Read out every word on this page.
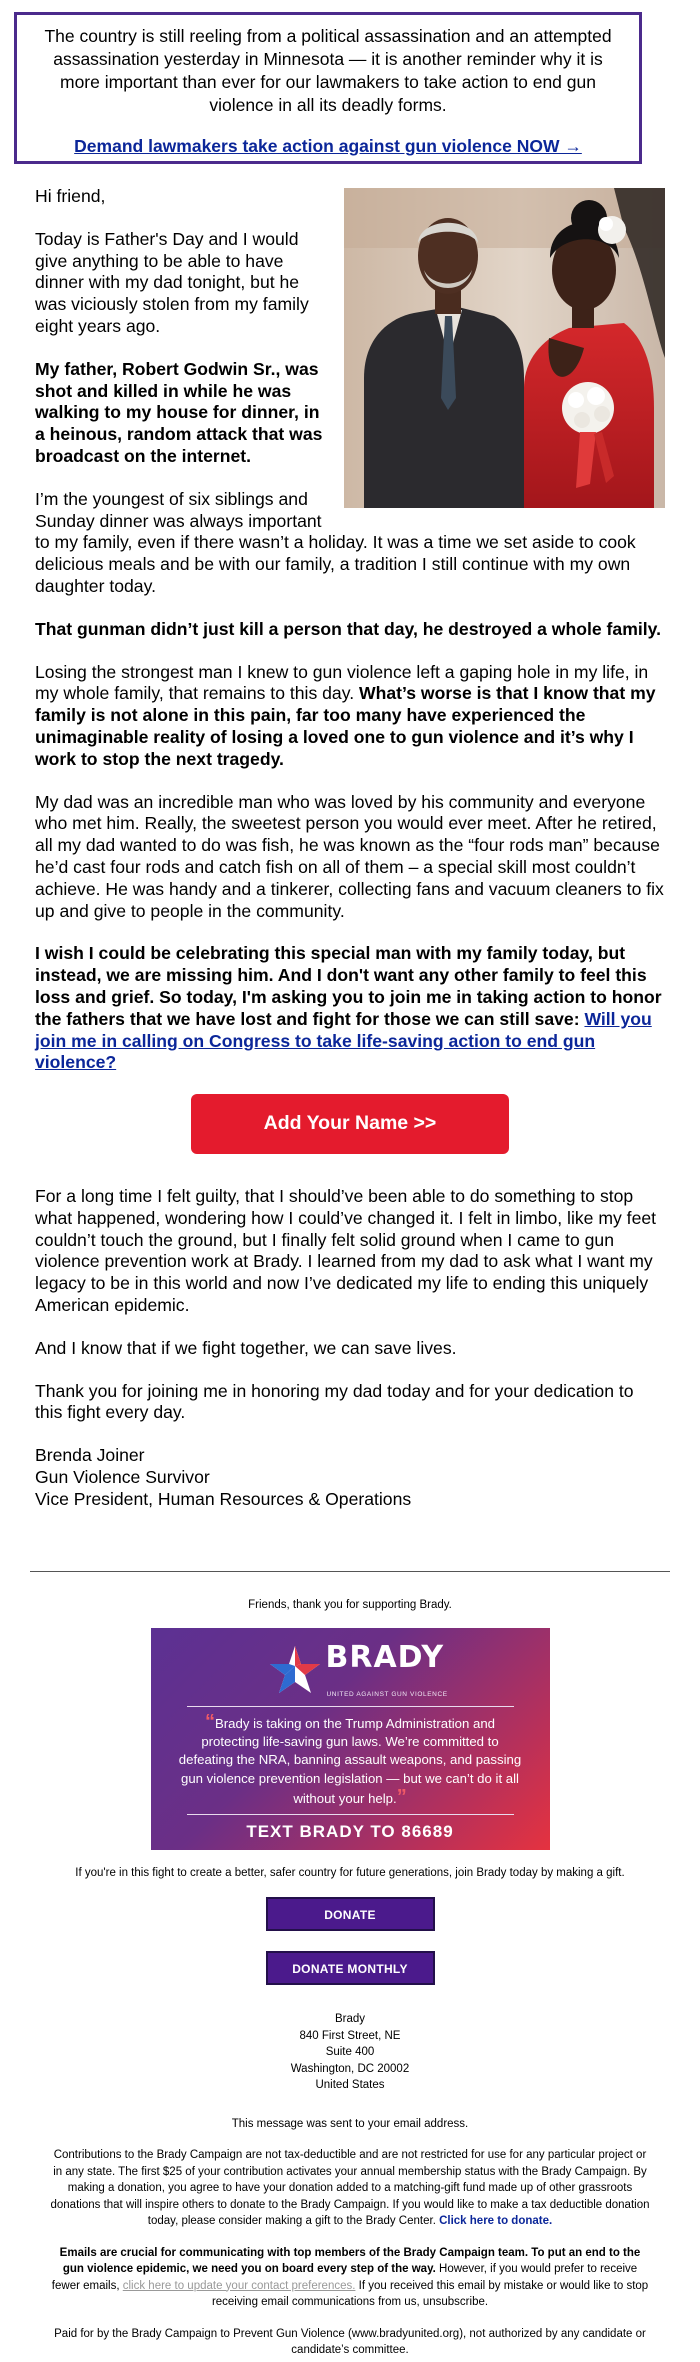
The country is still reeling from a political assassination and an attempted assassination yesterday in Minnesota — it is another reminder why it is more important than ever for our lawmakers to take action to end gun violence in all its deadly forms.

Demand lawmakers take action against gun violence NOW →

Hi friend,

Today is Father's Day and I would give anything to be able to have dinner with my dad tonight, but he was viciously stolen from my family eight years ago.

My father, Robert Godwin Sr., was shot and killed in while he was walking to my house for dinner, in a heinous, random attack that was broadcast on the internet.

I’m the youngest of six siblings and Sunday dinner was always important to my family, even if there wasn’t a holiday. It was a time we set aside to cook delicious meals and be with our family, a tradition I still continue with my own daughter today.

That gunman didn’t just kill a person that day, he destroyed a whole family.

Losing the strongest man I knew to gun violence left a gaping hole in my life, in my whole family, that remains to this day. What’s worse is that I know that my family is not alone in this pain, far too many have experienced the unimaginable reality of losing a loved one to gun violence and it’s why I work to stop the next tragedy.

My dad was an incredible man who was loved by his community and everyone who met him. Really, the sweetest person you would ever meet. After he retired, all my dad wanted to do was fish, he was known as the “four rods man” because he’d cast four rods and catch fish on all of them – a special skill most couldn’t achieve. He was handy and a tinkerer, collecting fans and vacuum cleaners to fix up and give to people in the community.

I wish I could be celebrating this special man with my family today, but instead, we are missing him. And I don't want any other family to feel this loss and grief. So today, I'm asking you to join me in taking action to honor the fathers that we have lost and fight for those we can still save: Will you join me in calling on Congress to take life-saving action to end gun violence?

Add Your Name >>

For a long time I felt guilty, that I should’ve been able to do something to stop what happened, wondering how I could’ve changed it. I felt in limbo, like my feet couldn’t touch the ground, but I finally felt solid ground when I came to gun violence prevention work at Brady. I learned from my dad to ask what I want my legacy to be in this world and now I’ve dedicated my life to ending this uniquely American epidemic.

And I know that if we fight together, we can save lives.

Thank you for joining me in honoring my dad today and for your dedication to this fight every day.

Brenda Joiner

Gun Violence Survivor

Vice President, Human Resources & Operations

Friends, thank you for supporting Brady.

BRADY
UNITED AGAINST GUN VIOLENCE
“Brady is taking on the Trump Administration and protecting life-saving gun laws. We’re committed to defeating the NRA, banning assault weapons, and passing gun violence prevention legislation — but we can’t do it all without your help.”
TEXT BRADY TO 86689

If you're in this fight to create a better, safer country for future generations, join Brady today by making a gift.

DONATE
DONATE MONTHLY

Brady

840 First Street, NE

Suite 400

Washington, DC 20002

United States

This message was sent to your email address.

Contributions to the Brady Campaign are not tax-deductible and are not restricted for use for any particular project or in any state. The first $25 of your contribution activates your annual membership status with the Brady Campaign. By making a donation, you agree to have your donation added to a matching-gift fund made up of other grassroots donations that will inspire others to donate to the Brady Campaign. If you would like to make a tax deductible donation today, please consider making a gift to the Brady Center. Click here to donate.

Emails are crucial for communicating with top members of the Brady Campaign team. To put an end to the gun violence epidemic, we need you on board every step of the way. However, if you would prefer to receive fewer emails, click here to update your contact preferences. If you received this email by mistake or would like to stop receiving email communications from us, unsubscribe.

Paid for by the Brady Campaign to Prevent Gun Violence (www.bradyunited.org), not authorized by any candidate or candidate’s committee.
